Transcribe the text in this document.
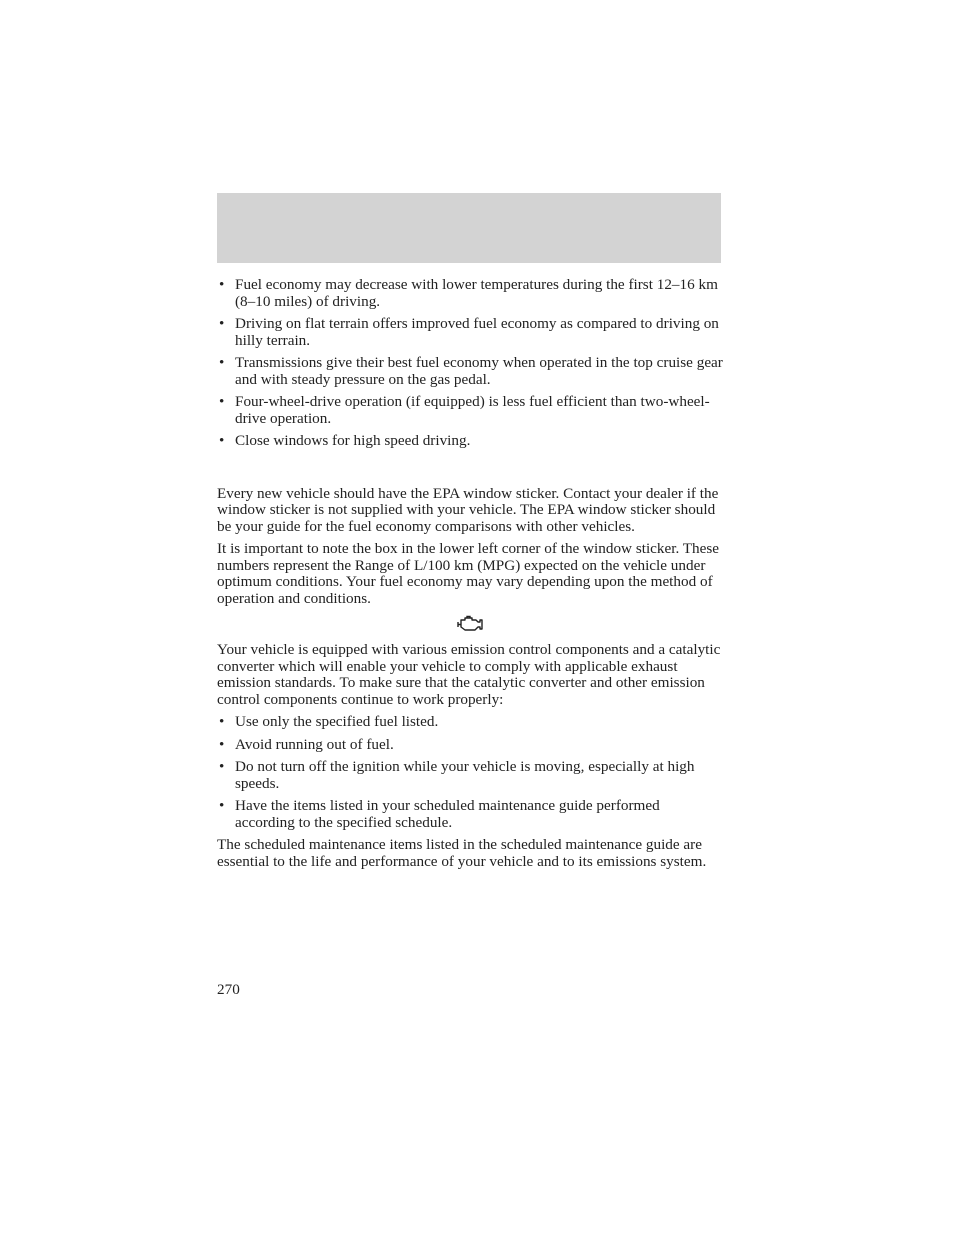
• Fuel economy may decrease with lower temperatures during the first 12–16 km (8–10 miles) of driving.
• Driving on flat terrain offers improved fuel economy as compared to driving on hilly terrain.
• Transmissions give their best fuel economy when operated in the top cruise gear and with steady pressure on the gas pedal.
• Four-wheel-drive operation (if equipped) is less fuel efficient than two-wheel-drive operation.
• Close windows for high speed driving.

Every new vehicle should have the EPA window sticker. Contact your dealer if the window sticker is not supplied with your vehicle. The EPA window sticker should be your guide for the fuel economy comparisons with other vehicles.

It is important to note the box in the lower left corner of the window sticker. These numbers represent the Range of L/100 km (MPG) expected on the vehicle under optimum conditions. Your fuel economy may vary depending upon the method of operation and conditions.

Your vehicle is equipped with various emission control components and a catalytic converter which will enable your vehicle to comply with applicable exhaust emission standards. To make sure that the catalytic converter and other emission control components continue to work properly:

• Use only the specified fuel listed.
• Avoid running out of fuel.
• Do not turn off the ignition while your vehicle is moving, especially at high speeds.
• Have the items listed in your scheduled maintenance guide performed according to the specified schedule.

The scheduled maintenance items listed in the scheduled maintenance guide are essential to the life and performance of your vehicle and to its emissions system.

270
